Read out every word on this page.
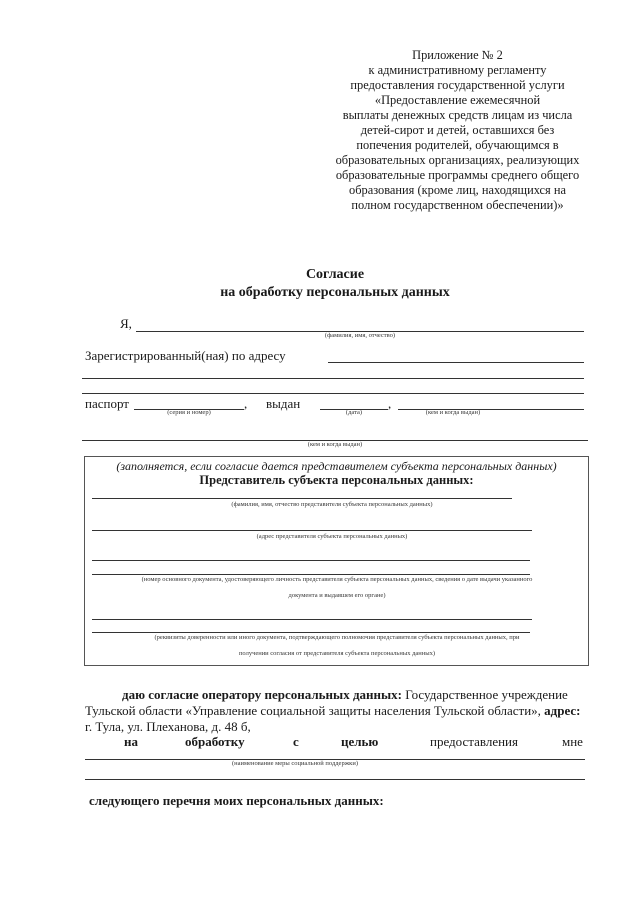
Приложение № 2
к административному регламенту
предоставления государственной услуги
«Предоставление ежемесячной
выплаты денежных средств лицам из числа
детей-сирот и детей, оставшихся без
попечения родителей, обучающимся в
образовательных организациях, реализующих
образовательные программы среднего общего
образования (кроме лиц, находящихся на
полном государственном обеспечении)»
Согласие
на обработку персональных данных
Я,
(фамилия, имя, отчество)
Зарегистрированный(ная) по адресу
паспорт	,
(серия и номер)
выдан	,
(дата)	(кем и когда выдан)
(кем и когда выдан)
(заполняется, если согласие дается представителем субъекта персональных данных)
Представитель субъекта персональных данных:
(фамилия, имя, отчество представителя субъекта персональных данных)
(адрес представителя субъекта персональных данных)
(номер основного документа, удостоверяющего личность представителя субъекта персональных данных, сведения о дате выдачи указанного
документа и выдавшем его органе)
(реквизиты доверенности или иного документа, подтверждающего полномочия представителя субъекта персональных данных, при
получении согласия от представителя субъекта персональных данных)
даю согласие оператору персональных данных: Государственное учреждение
Тульской области «Управление социальной защиты населения Тульской области», адрес:
г. Тула, ул. Плеханова, д. 48 б,
на	обработку	с	целью	предоставления	мне
(наименование меры социальной поддержки)
следующего перечня моих персональных данных:
